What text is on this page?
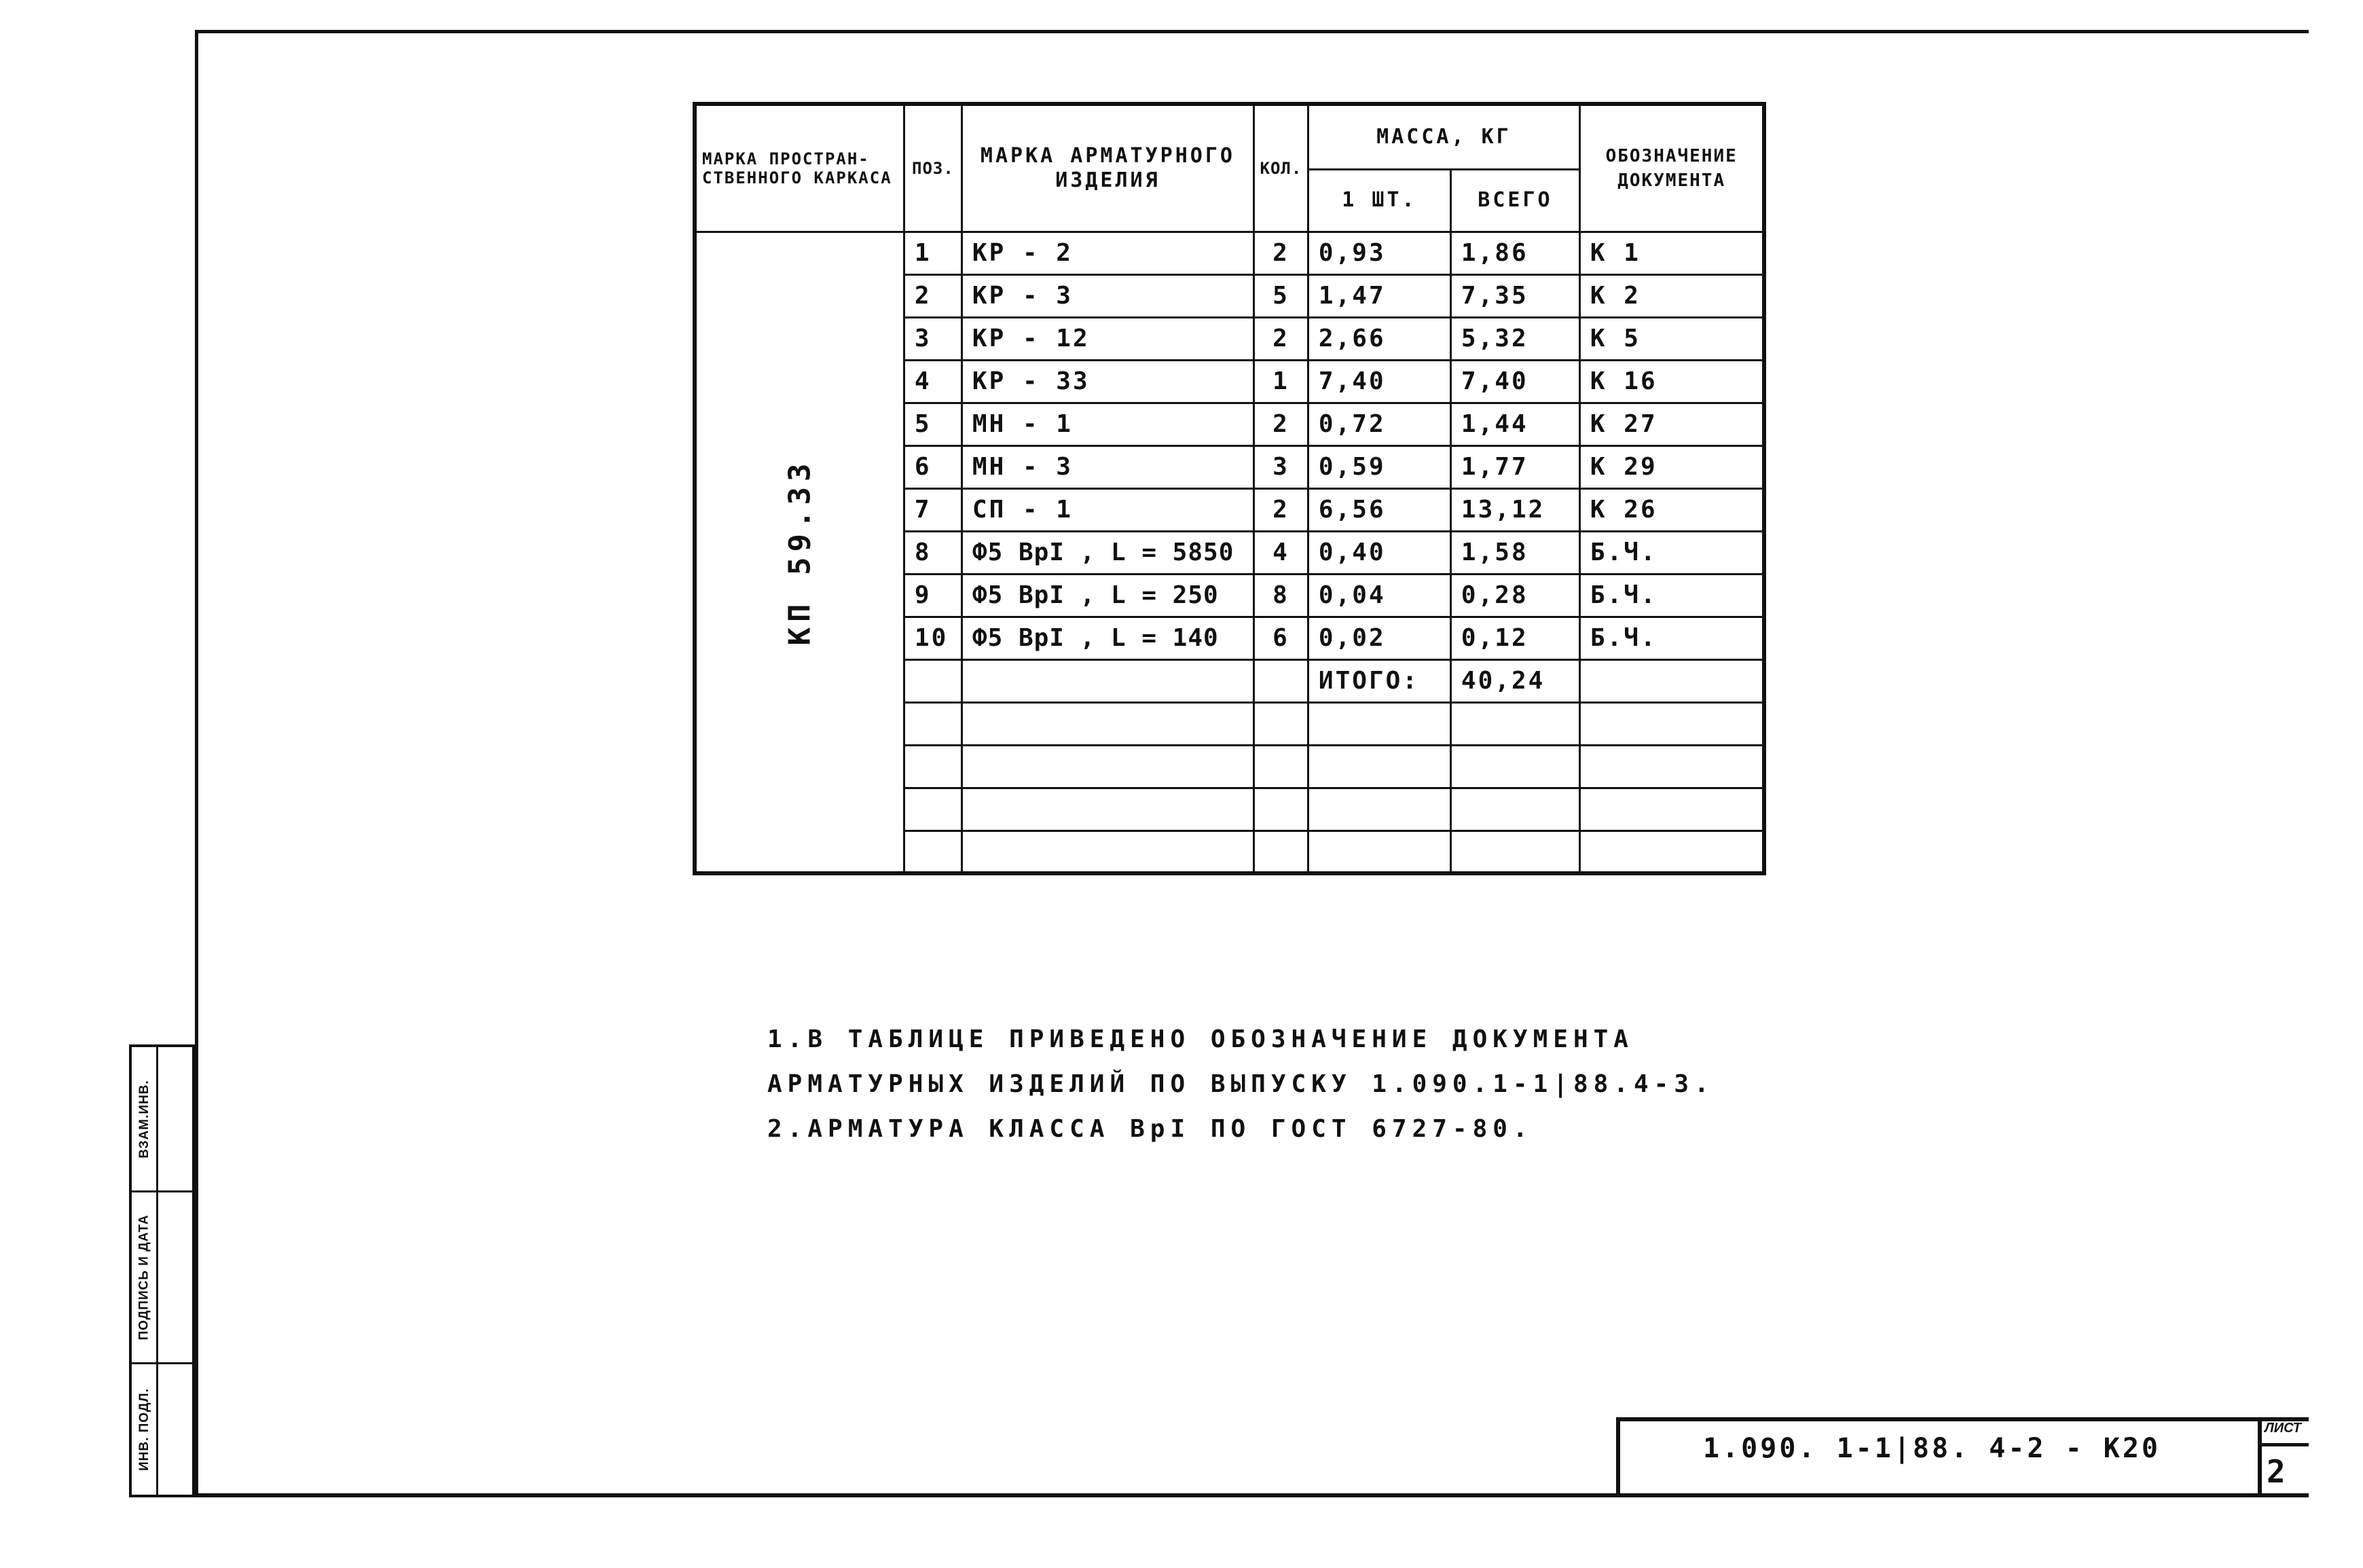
ВЗАМ.ИНВ.
ПОДПИСЬ И ДАТА
ИНВ. ПОДЛ.
МАРКА ПРОСТРАН-СТВЕННОГО КАРКАСА	ПОЗ.	МАРКА АРМАТУРНОГО ИЗДЕЛИЯ	КОЛ.	МАССА, КГ		ОБОЗНАЧЕНИЕ ДОКУМЕНТА
				1 ШТ.	ВСЕГО	
КП 59.33	1	КР - 2	2	0,93	1,86	К 1
	2	КР - 3	5	1,47	7,35	К 2
	3	КР - 12	2	2,66	5,32	К 5
	4	КР - 33	1	7,40	7,40	К 16
	5	МН - 1	2	0,72	1,44	К 27
	6	МН - 3	3	0,59	1,77	К 29
	7	СП - 1	2	6,56	13,12	К 26
	8	Ф5 ВрI , L = 5850	4	0,40	1,58	Б.Ч.
	9	Ф5 ВрI , L = 250	8	0,04	0,28	Б.Ч.
	10	Ф5 ВрI , L = 140	6	0,02	0,12	Б.Ч.
				ИТОГО:	40,24	

1.В ТАБЛИЦЕ ПРИВЕДЕНО ОБОЗНАЧЕНИЕ ДОКУМЕНТА
АРМАТУРНЫХ ИЗДЕЛИЙ ПО ВЫПУСКУ 1.090.1-1|88.4-3.
2.АРМАТУРА КЛАССА ВрI ПО ГОСТ 6727-80.
1.090. 1-1|88. 4-2 - К20
ЛИСТ
2
